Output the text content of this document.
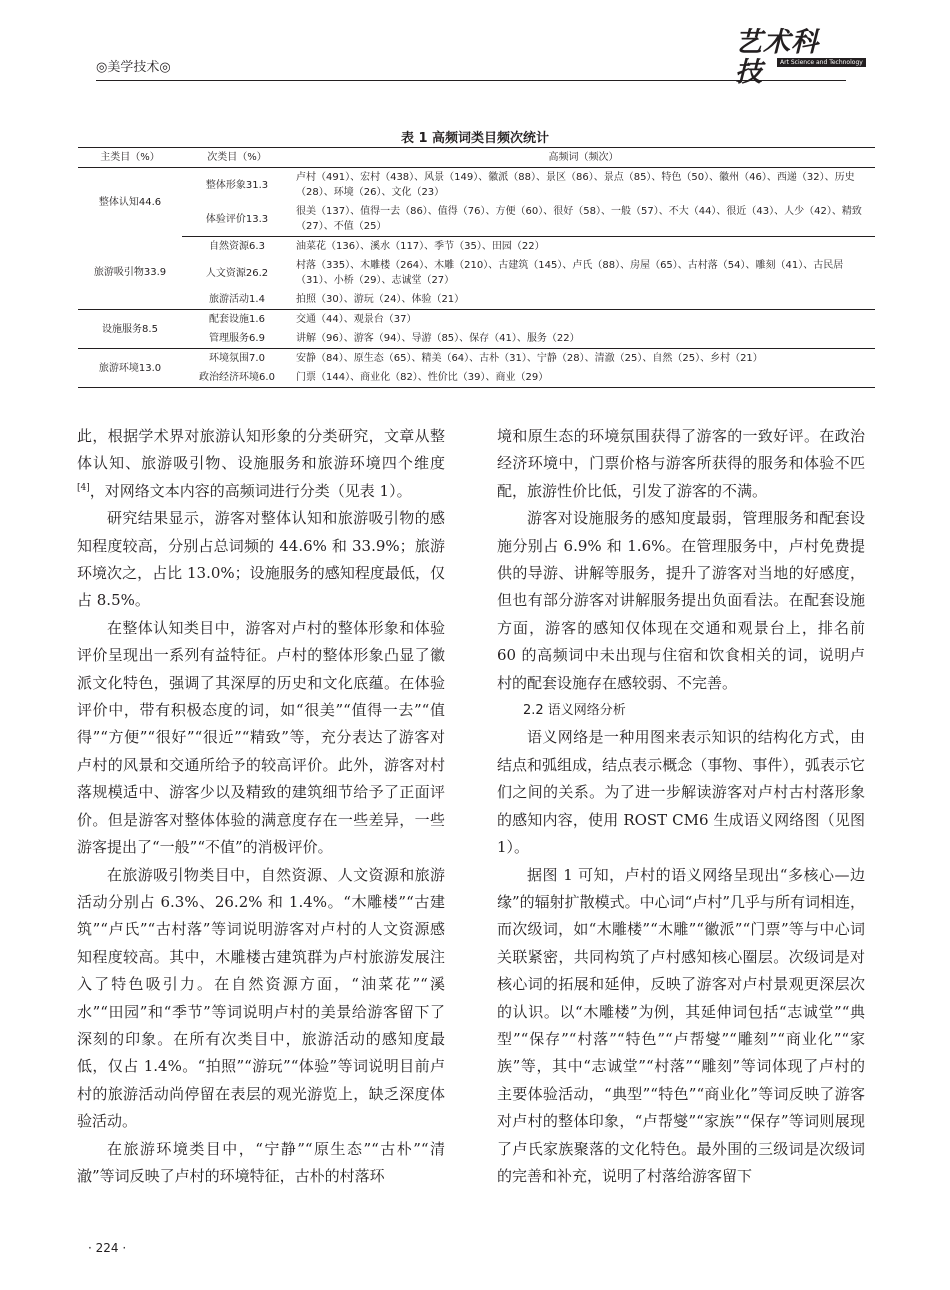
◎美学技术◎
艺术科技	Art Science and Technology
表 1 高频词类目频次统计
主类目（%）	次类目（%）	高频词（频次）
整体认知44.6	整体形象31.3	卢村（491）、宏村（438）、风景（149）、徽派（88）、景区（86）、景点（85）、特色（50）、徽州（46）、西递（32）、历史（28）、环境（26）、文化（23）
	体验评价13.3	很美（137）、值得一去（86）、值得（76）、方便（60）、很好（58）、一般（57）、不大（44）、很近（43）、人少（42）、精致（27）、不值（25）
旅游吸引物33.9	自然资源6.3	油菜花（136）、溪水（117）、季节（35）、田园（22）
	人文资源26.2	村落（335）、木雕楼（264）、木雕（210）、古建筑（145）、卢氏（88）、房屋（65）、古村落（54）、雕刻（41）、古民居（31）、小桥（29）、志诚堂（27）
	旅游活动1.4	拍照（30）、游玩（24）、体验（21）
设施服务8.5	配套设施1.6	交通（44）、观景台（37）
	管理服务6.9	讲解（96）、游客（94）、导游（85）、保存（41）、服务（22）
旅游环境13.0	环境氛围7.0	安静（84）、原生态（65）、精美（64）、古朴（31）、宁静（28）、清澈（25）、自然（25）、乡村（21）
	政治经济环境6.0	门票（144）、商业化（82）、性价比（39）、商业（29）

此，根据学术界对旅游认知形象的分类研究，文章从整体认知、旅游吸引物、设施服务和旅游环境四个维度[4]，对网络文本内容的高频词进行分类（见表 1）。

研究结果显示，游客对整体认知和旅游吸引物的感知程度较高，分别占总词频的 44.6% 和 33.9%；旅游环境次之，占比 13.0%；设施服务的感知程度最低，仅占 8.5%。

在整体认知类目中，游客对卢村的整体形象和体验评价呈现出一系列有益特征。卢村的整体形象凸显了徽派文化特色，强调了其深厚的历史和文化底蕴。在体验评价中，带有积极态度的词，如“很美”“值得一去”“值得”“方便”“很好”“很近”“精致”等，充分表达了游客对卢村的风景和交通所给予的较高评价。此外，游客对村落规模适中、游客少以及精致的建筑细节给予了正面评价。但是游客对整体体验的满意度存在一些差异，一些游客提出了“一般”“不值”的消极评价。

在旅游吸引物类目中，自然资源、人文资源和旅游活动分别占 6.3%、26.2% 和 1.4%。“木雕楼”“古建筑”“卢氏”“古村落”等词说明游客对卢村的人文资源感知程度较高。其中，木雕楼古建筑群为卢村旅游发展注入了特色吸引力。在自然资源方面，“油菜花”“溪水”“田园”和“季节”等词说明卢村的美景给游客留下了深刻的印象。在所有次类目中，旅游活动的感知度最低，仅占 1.4%。“拍照”“游玩”“体验”等词说明目前卢村的旅游活动尚停留在表层的观光游览上，缺乏深度体验活动。

在旅游环境类目中，“宁静”“原生态”“古朴”“清澈”等词反映了卢村的环境特征，古朴的村落环

境和原生态的环境氛围获得了游客的一致好评。在政治经济环境中，门票价格与游客所获得的服务和体验不匹配，旅游性价比低，引发了游客的不满。

游客对设施服务的感知度最弱，管理服务和配套设施分别占 6.9% 和 1.6%。在管理服务中，卢村免费提供的导游、讲解等服务，提升了游客对当地的好感度，但也有部分游客对讲解服务提出负面看法。在配套设施方面，游客的感知仅体现在交通和观景台上，排名前 60 的高频词中未出现与住宿和饮食相关的词，说明卢村的配套设施存在感较弱、不完善。

2.2 语义网络分析

语义网络是一种用图来表示知识的结构化方式，由结点和弧组成，结点表示概念（事物、事件），弧表示它们之间的关系。为了进一步解读游客对卢村古村落形象的感知内容，使用 ROST CM6 生成语义网络图（见图 1）。

据图 1 可知，卢村的语义网络呈现出“多核心—边缘”的辐射扩散模式。中心词“卢村”几乎与所有词相连，而次级词，如“木雕楼”“木雕”“徽派”“门票”等与中心词关联紧密，共同构筑了卢村感知核心圈层。次级词是对核心词的拓展和延伸，反映了游客对卢村景观更深层次的认识。以“木雕楼”为例，其延伸词包括“志诚堂”“典型”“保存”“村落”“特色”“卢帮燮”“雕刻”“商业化”“家族”等，其中“志诚堂”“村落”“雕刻”等词体现了卢村的主要体验活动，“典型”“特色”“商业化”等词反映了游客对卢村的整体印象，“卢帮燮”“家族”“保存”等词则展现了卢氏家族聚落的文化特色。最外围的三级词是次级词的完善和补充，说明了村落给游客留下

· 224 ·
